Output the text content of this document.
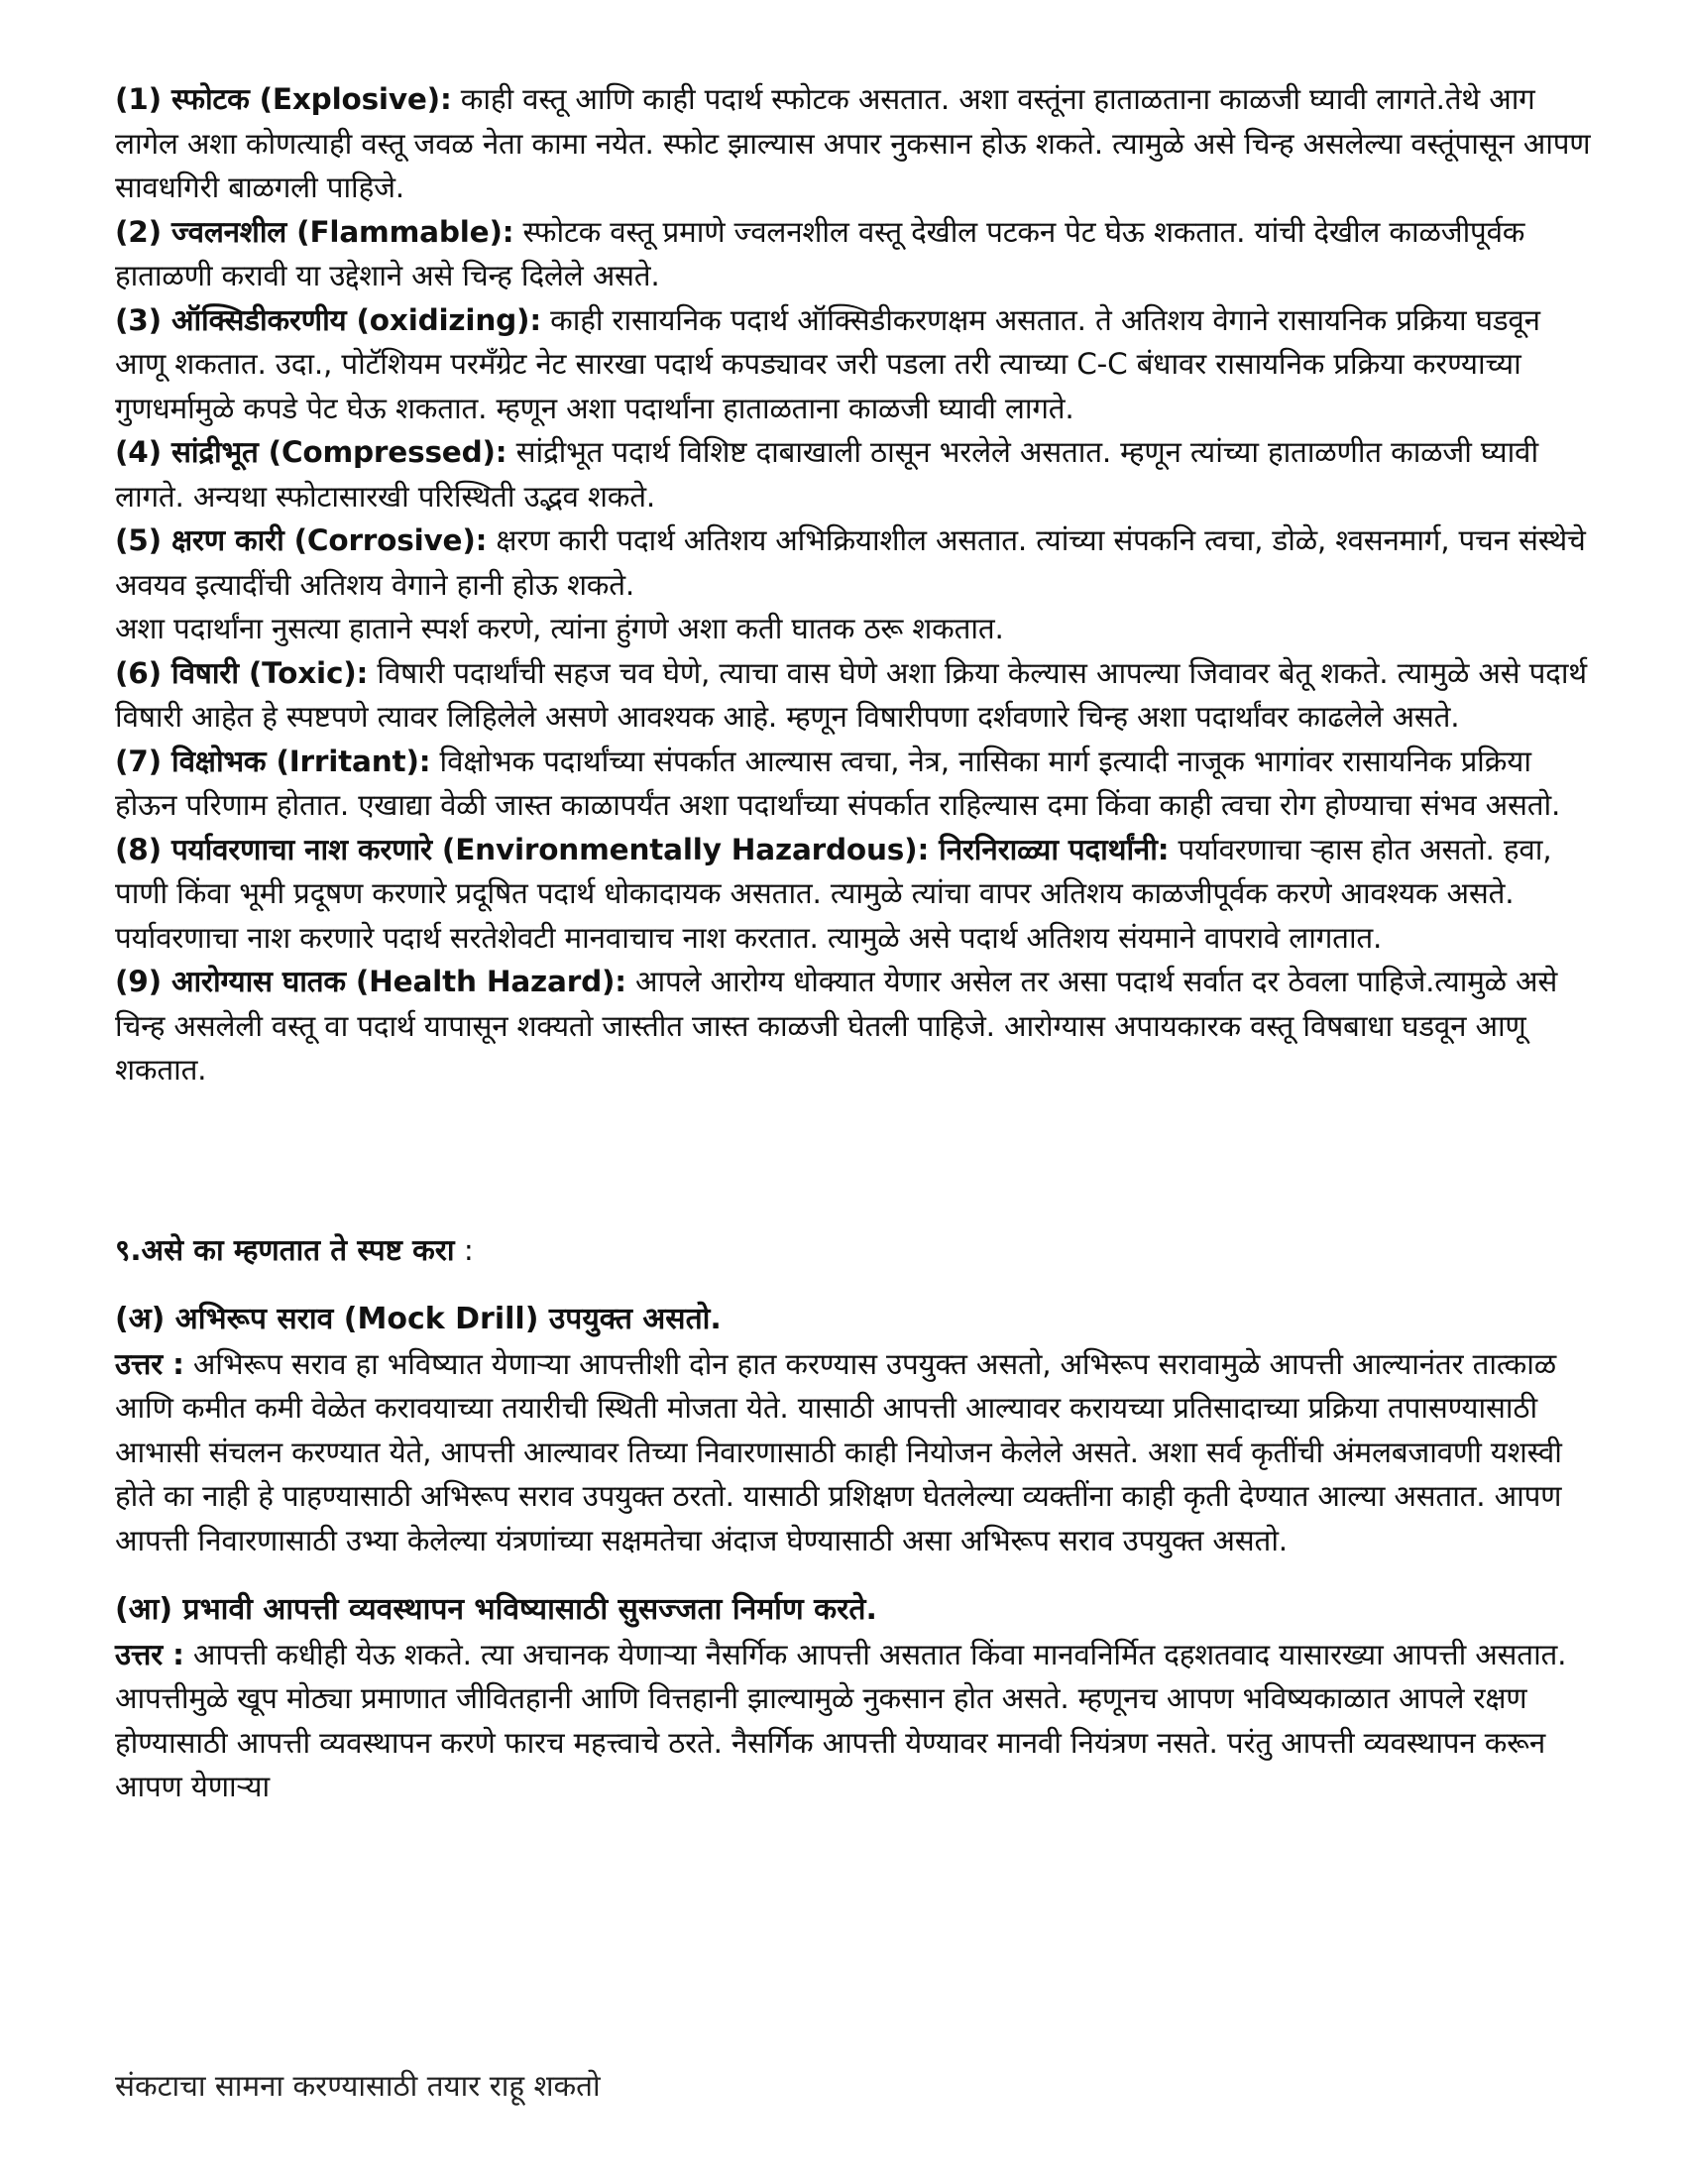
(1) स्फोटक (Explosive): काही वस्तू आणि काही पदार्थ स्फोटक असतात. अशा वस्तूंना हाताळताना काळजी घ्यावी लागते.तेथे आग लागेल अशा कोणत्याही वस्तू जवळ नेता कामा नयेत. स्फोट झाल्यास अपार नुकसान होऊ शकते. त्यामुळे असे चिन्ह असलेल्या वस्तूंपासून आपण सावधगिरी बाळगली पाहिजे.

(2) ज्वलनशील (Flammable): स्फोटक वस्तू प्रमाणे ज्वलनशील वस्तू देखील पटकन पेट घेऊ शकतात. यांची देखील काळजीपूर्वक हाताळणी करावी या उद्देशाने असे चिन्ह दिलेले असते.

(3) ऑक्सिडीकरणीय (oxidizing): काही रासायनिक पदार्थ ऑक्सिडीकरणक्षम असतात. ते अतिशय वेगाने रासायनिक प्रक्रिया घडवून आणू शकतात. उदा., पोटॅशियम परमॅंग्रेट नेट सारखा पदार्थ कपड्यावर जरी पडला तरी त्याच्या C-C बंधावर रासायनिक प्रक्रिया करण्याच्या गुणधर्मामुळे कपडे पेट घेऊ शकतात. म्हणून अशा पदार्थांना हाताळताना काळजी घ्यावी लागते.

(4) सांद्रीभूत (Compressed): सांद्रीभूत पदार्थ विशिष्ट दाबाखाली ठासून भरलेले असतात. म्हणून त्यांच्या हाताळणीत काळजी घ्यावी लागते. अन्यथा स्फोटासारखी परिस्थिती उद्भव शकते.

(5) क्षरण कारी (Corrosive): क्षरण कारी पदार्थ अतिशय अभिक्रियाशील असतात. त्यांच्या संपकनि त्वचा, डोळे, श्वसनमार्ग, पचन संस्थेचे अवयव इत्यादींची अतिशय वेगाने हानी होऊ शकते.

अशा पदार्थांना नुसत्या हाताने स्पर्श करणे, त्यांना हुंगणे अशा कती घातक ठरू शकतात.

(6) विषारी (Toxic): विषारी पदार्थांची सहज चव घेणे, त्याचा वास घेणे अशा क्रिया केल्यास आपल्या जिवावर बेतू शकते. त्यामुळे असे पदार्थ विषारी आहेत हे स्पष्टपणे त्यावर लिहिलेले असणे आवश्यक आहे. म्हणून विषारीपणा दर्शवणारे चिन्ह अशा पदार्थांवर काढलेले असते.

(7) विक्षोभक (Irritant): विक्षोभक पदार्थांच्या संपर्कात आल्यास त्वचा, नेत्र, नासिका मार्ग इत्यादी नाजूक भागांवर रासायनिक प्रक्रिया होऊन परिणाम होतात. एखाद्या वेळी जास्त काळापर्यंत अशा पदार्थांच्या संपर्कात राहिल्यास दमा किंवा काही त्वचा रोग होण्याचा संभव असतो.

(8) पर्यावरणाचा नाश करणारे (Environmentally Hazardous): निरनिराळ्या पदार्थांनी: पर्यावरणाचा ऱ्हास होत असतो. हवा, पाणी किंवा भूमी प्रदूषण करणारे प्रदूषित पदार्थ धोकादायक असतात. त्यामुळे त्यांचा वापर अतिशय काळजीपूर्वक करणे आवश्यक असते. पर्यावरणाचा नाश करणारे पदार्थ सरतेशेवटी मानवाचाच नाश करतात. त्यामुळे असे पदार्थ अतिशय संयमाने वापरावे लागतात.

(9) आरोग्यास घातक (Health Hazard): आपले आरोग्य धोक्यात येणार असेल तर असा पदार्थ सर्वात दर ठेवला पाहिजे.त्यामुळे असे चिन्ह असलेली वस्तू वा पदार्थ यापासून शक्यतो जास्तीत जास्त काळजी घेतली पाहिजे. आरोग्यास अपायकारक वस्तू विषबाधा घडवून आणू शकतात.

९.असे का म्हणतात ते स्पष्ट करा :

(अ) अभिरूप सराव (Mock Drill) उपयुक्त असतो.

उत्तर : अभिरूप सराव हा भविष्यात येणाऱ्या आपत्तीशी दोन हात करण्यास उपयुक्त असतो, अभिरूप सरावामुळे आपत्ती आल्यानंतर तात्काळ आणि कमीत कमी वेळेत करावयाच्या तयारीची स्थिती मोजता येते. यासाठी आपत्ती आल्यावर करायच्या प्रतिसादाच्या प्रक्रिया तपासण्यासाठी आभासी संचलन करण्यात येते, आपत्ती आल्यावर तिच्या निवारणासाठी काही नियोजन केलेले असते. अशा सर्व कृतींची अंमलबजावणी यशस्वी होते का नाही हे पाहण्यासाठी अभिरूप सराव उपयुक्त ठरतो. यासाठी प्रशिक्षण घेतलेल्या व्यक्तींना काही कृती देण्यात आल्या असतात. आपण आपत्ती निवारणासाठी उभ्या केलेल्या यंत्रणांच्या सक्षमतेचा अंदाज घेण्यासाठी असा अभिरूप सराव उपयुक्त असतो.

(आ) प्रभावी आपत्ती व्यवस्थापन भविष्यासाठी सुसज्जता निर्माण करते.

उत्तर : आपत्ती कधीही येऊ शकते. त्या अचानक येणाऱ्या नैसर्गिक आपत्ती असतात किंवा मानवनिर्मित दहशतवाद यासारख्या आपत्ती असतात. आपत्तीमुळे खूप मोठ्या प्रमाणात जीवितहानी आणि वित्तहानी झाल्यामुळे नुकसान होत असते. म्हणूनच आपण भविष्यकाळात आपले रक्षण होण्यासाठी आपत्ती व्यवस्थापन करणे फारच महत्त्वाचे ठरते. नैसर्गिक आपत्ती येण्यावर मानवी नियंत्रण नसते. परंतु आपत्ती व्यवस्थापन करून आपण येणाऱ्या

संकटाचा सामना करण्यासाठी तयार राहू शकतो
